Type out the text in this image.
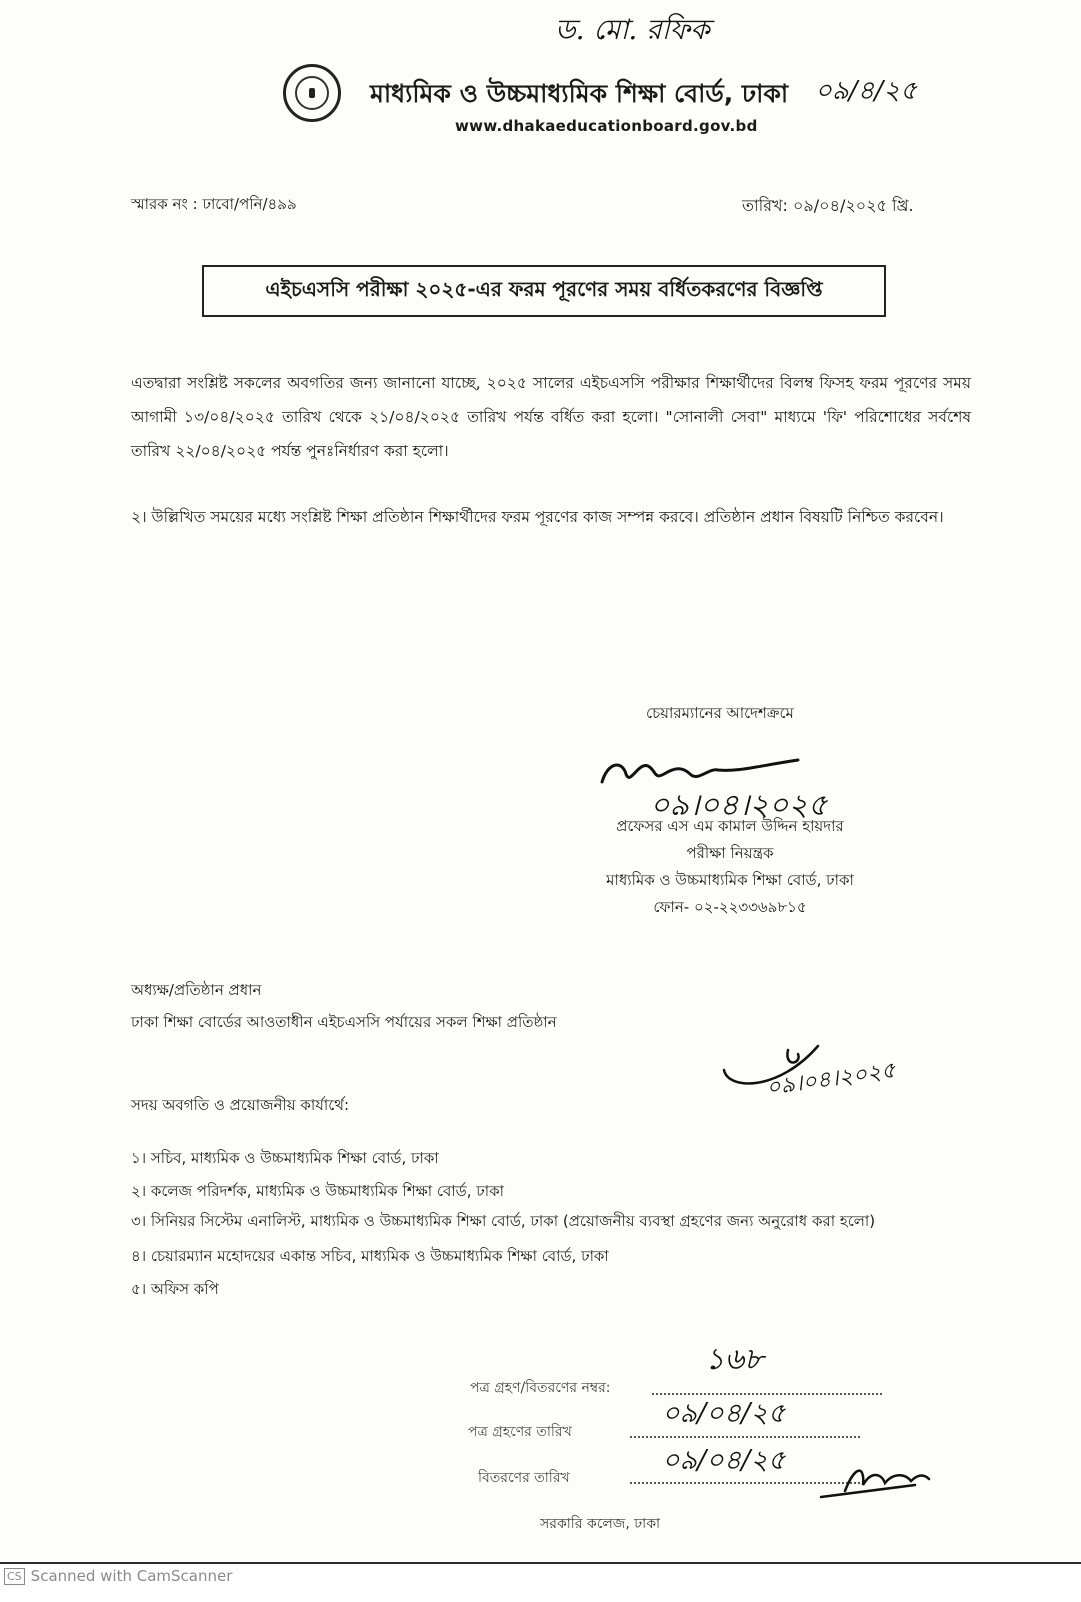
মাধ্যমিক ও উচ্চমাধ্যমিক শিক্ষা বোর্ড, ঢাকা
www.dhakaeducationboard.gov.bd
ড. মো. রফিক
০৯/৪/২৫
স্মারক নং : ঢাবো/পনি/৪৯৯	তারিখ: ০৯/০৪/২০২৫ খ্রি.
এইচএসসি পরীক্ষা ২০২৫-এর ফরম পূরণের সময় বর্ধিতকরণের বিজ্ঞপ্তি
এতদ্বারা সংশ্লিষ্ট সকলের অবগতির জন্য জানানো যাচ্ছে, ২০২৫ সালের এইচএসসি পরীক্ষার শিক্ষার্থীদের বিলম্ব ফিসহ ফরম পূরণের সময় আগামী ১৩/০৪/২০২৫ তারিখ থেকে ২১/০৪/২০২৫ তারিখ পর্যন্ত বর্ধিত করা হলো। "সোনালী সেবা" মাধ্যমে 'ফি' পরিশোধের সর্বশেষ তারিখ ২২/০৪/২০২৫ পর্যন্ত পুনঃনির্ধারণ করা হলো।
২। উল্লিখিত সময়ের মধ্যে সংশ্লিষ্ট শিক্ষা প্রতিষ্ঠান শিক্ষার্থীদের ফরম পূরণের কাজ সম্পন্ন করবে। প্রতিষ্ঠান প্রধান বিষয়টি নিশ্চিত করবেন।
চেয়ারম্যানের আদেশক্রমে
০৯।০৪।২০২৫
প্রফেসর এস এম কামাল উদ্দিন হায়দার
পরীক্ষা নিয়ন্ত্রক
মাধ্যমিক ও উচ্চমাধ্যমিক শিক্ষা বোর্ড, ঢাকা
ফোন- ০২-২২৩৩৬৯৮১৫
অধ্যক্ষ/প্রতিষ্ঠান প্রধান
ঢাকা শিক্ষা বোর্ডের আওতাধীন এইচএসসি পর্যায়ের সকল শিক্ষা প্রতিষ্ঠান
০৯।০৪।২০২৫
সদয় অবগতি ও প্রয়োজনীয় কার্যার্থে:
১। সচিব, মাধ্যমিক ও উচ্চমাধ্যমিক শিক্ষা বোর্ড, ঢাকা
২। কলেজ পরিদর্শক, মাধ্যমিক ও উচ্চমাধ্যমিক শিক্ষা বোর্ড, ঢাকা
৩। সিনিয়র সিস্টেম এনালিস্ট, মাধ্যমিক ও উচ্চমাধ্যমিক শিক্ষা বোর্ড, ঢাকা (প্রয়োজনীয় ব্যবস্থা গ্রহণের জন্য অনুরোধ করা হলো)
৪। চেয়ারম্যান মহোদয়ের একান্ত সচিব, মাধ্যমিক ও উচ্চমাধ্যমিক শিক্ষা বোর্ড, ঢাকা
৫। অফিস কপি
পত্র গ্রহণ/বিতরণের নম্বর:
১৬৮
পত্র গ্রহণের তারিখ
০৯/০৪/২৫
বিতরণের তারিখ
০৯/০৪/২৫
সরকারি কলেজ, ঢাকা
CS Scanned with CamScanner
